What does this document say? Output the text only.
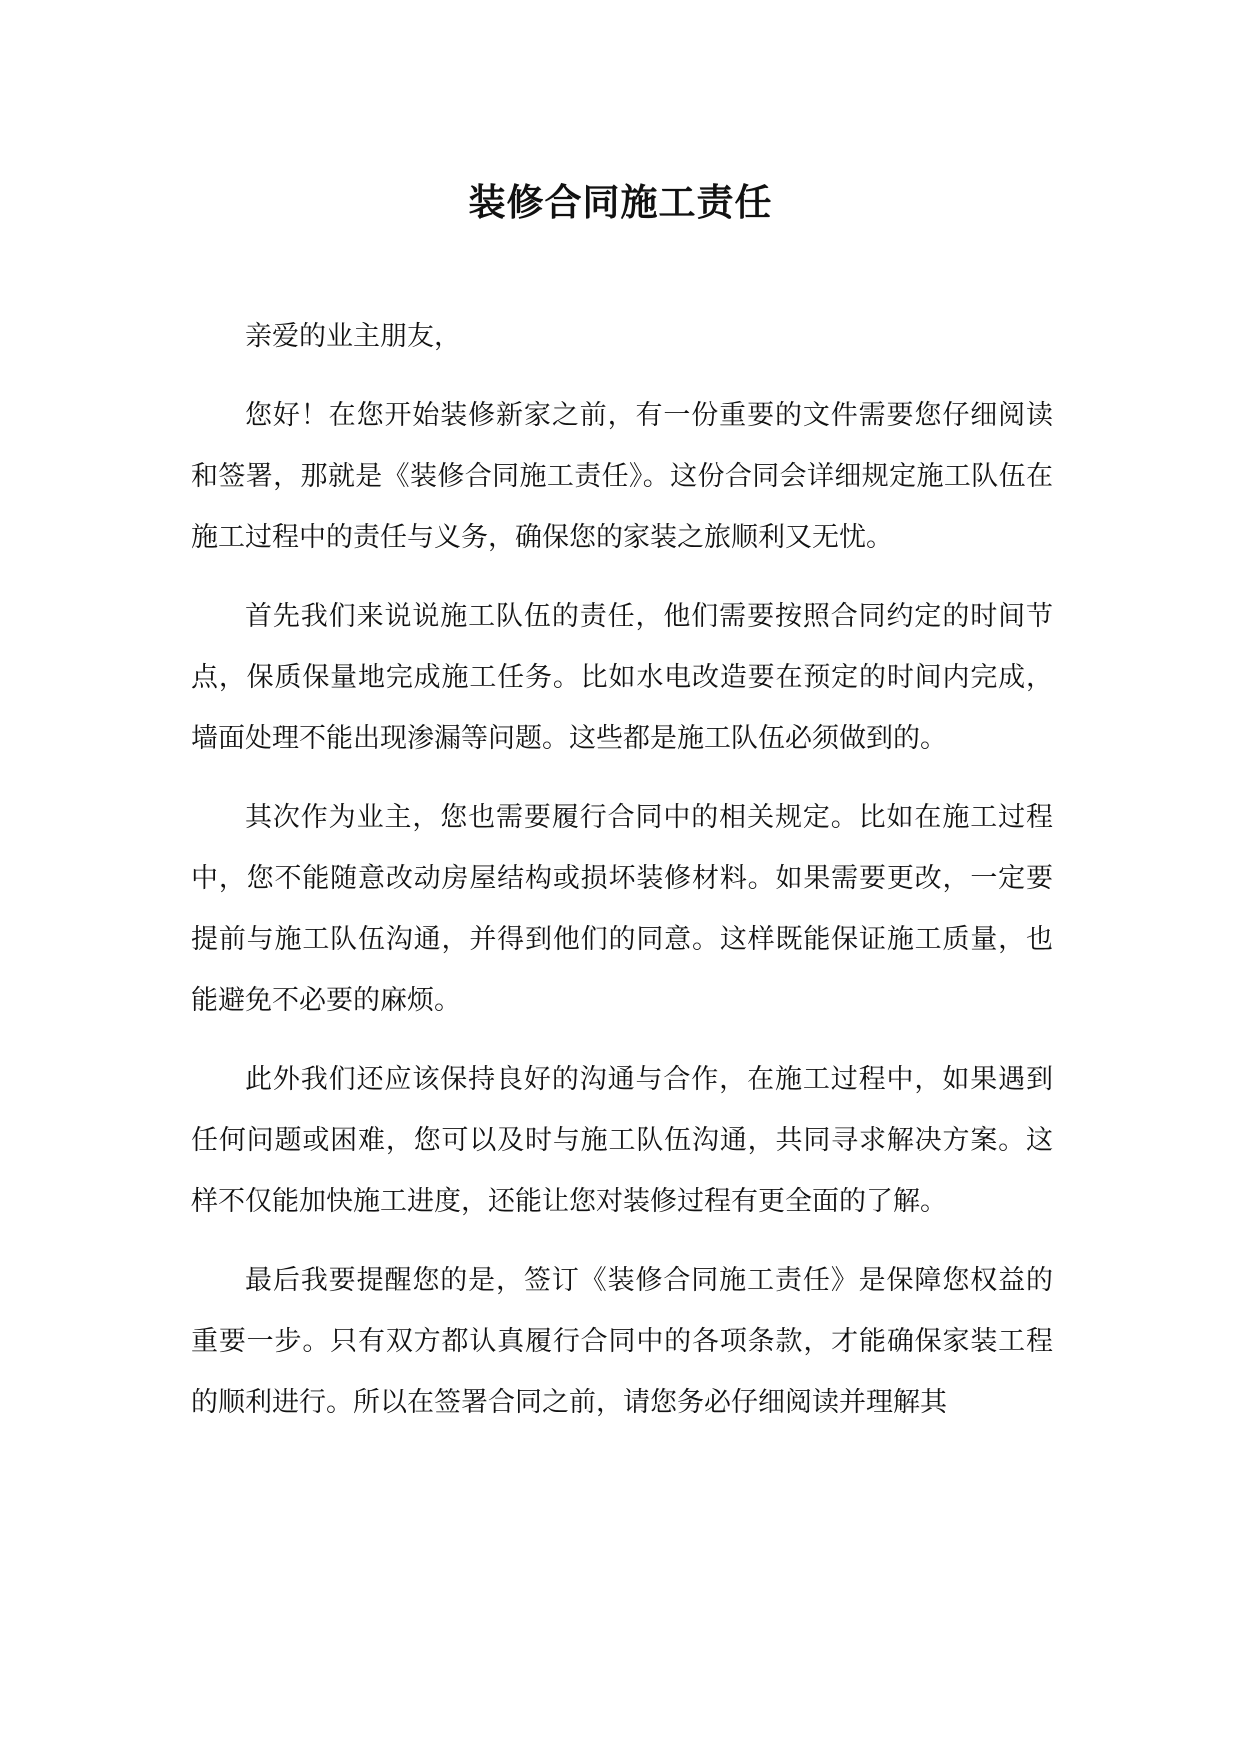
装修合同施工责任

亲爱的业主朋友，

您好！在您开始装修新家之前，有一份重要的文件需要您仔细阅读和签署，那就是《装修合同施工责任》。这份合同会详细规定施工队伍在施工过程中的责任与义务，确保您的家装之旅顺利又无忧。

首先我们来说说施工队伍的责任，他们需要按照合同约定的时间节点，保质保量地完成施工任务。比如水电改造要在预定的时间内完成，墙面处理不能出现渗漏等问题。这些都是施工队伍必须做到的。

其次作为业主，您也需要履行合同中的相关规定。比如在施工过程中，您不能随意改动房屋结构或损坏装修材料。如果需要更改，一定要提前与施工队伍沟通，并得到他们的同意。这样既能保证施工质量，也能避免不必要的麻烦。

此外我们还应该保持良好的沟通与合作，在施工过程中，如果遇到任何问题或困难，您可以及时与施工队伍沟通，共同寻求解决方案。这样不仅能加快施工进度，还能让您对装修过程有更全面的了解。

最后我要提醒您的是，签订《装修合同施工责任》是保障您权益的重要一步。只有双方都认真履行合同中的各项条款，才能确保家装工程的顺利进行。所以在签署合同之前，请您务必仔细阅读并理解其
